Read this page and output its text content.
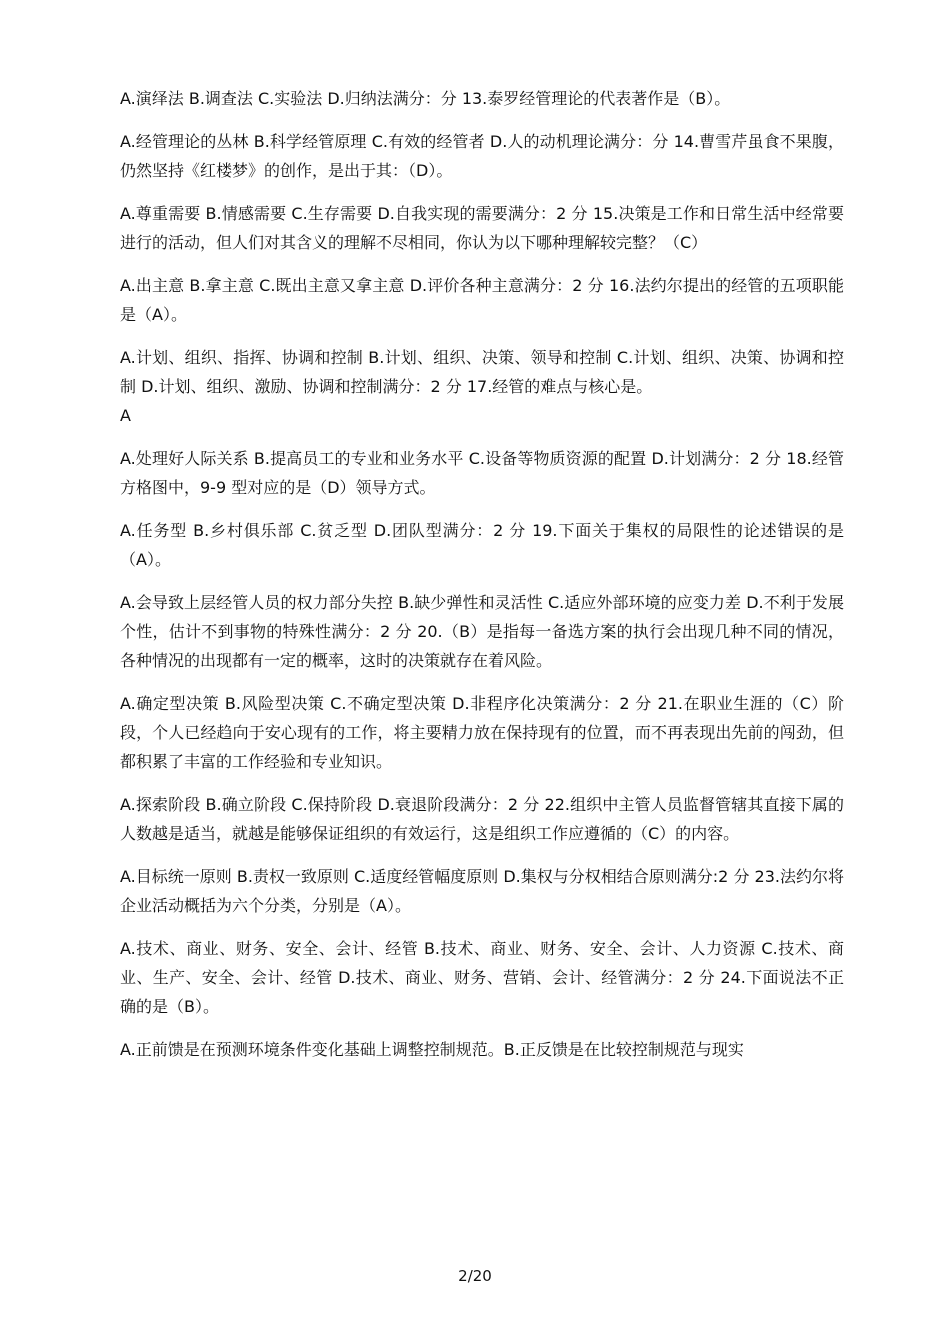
A.演绎法 B.调查法 C.实验法 D.归纳法满分：分 13.泰罗经管理论的代表著作是（B）。

A.经管理论的丛林 B.科学经管原理 C.有效的经管者 D.人的动机理论满分：分 14.曹雪芹虽食不果腹，仍然坚持《红楼梦》的创作，是出于其：（D）。

A.尊重需要 B.情感需要 C.生存需要 D.自我实现的需要满分：2 分 15.决策是工作和日常生活中经常要进行的活动，但人们对其含义的理解不尽相同，你认为以下哪种理解较完整？（C）

A.出主意 B.拿主意 C.既出主意又拿主意 D.评价各种主意满分：2 分 16.法约尔提出的经管的五项职能是（A）。

A.计划、组织、指挥、协调和控制 B.计划、组织、决策、领导和控制 C.计划、组织、决策、协调和控制 D.计划、组织、激励、协调和控制满分：2 分 17.经管的难点与核心是。

A

A.处理好人际关系 B.提高员工的专业和业务水平 C.设备等物质资源的配置 D.计划满分：2 分 18.经管方格图中，9-9 型对应的是（D）领导方式。

A.任务型 B.乡村俱乐部 C.贫乏型 D.团队型满分：2 分 19.下面关于集权的局限性的论述错误的是（A）。

A.会导致上层经管人员的权力部分失控 B.缺少弹性和灵活性 C.适应外部环境的应变力差 D.不利于发展个性，估计不到事物的特殊性满分：2 分 20.（B）是指每一备选方案的执行会出现几种不同的情况，各种情况的出现都有一定的概率，这时的决策就存在着风险。

A.确定型决策 B.风险型决策 C.不确定型决策 D.非程序化决策满分：2 分 21.在职业生涯的（C）阶段，个人已经趋向于安心现有的工作，将主要精力放在保持现有的位置，而不再表现出先前的闯劲，但都积累了丰富的工作经验和专业知识。

A.探索阶段 B.确立阶段 C.保持阶段 D.衰退阶段满分：2 分 22.组织中主管人员监督管辖其直接下属的人数越是适当，就越是能够保证组织的有效运行，这是组织工作应遵循的（C）的内容。

A.目标统一原则 B.责权一致原则 C.适度经管幅度原则 D.集权与分权相结合原则满分:2 分 23.法约尔将企业活动概括为六个分类，分别是（A）。

A.技术、商业、财务、安全、会计、经管 B.技术、商业、财务、安全、会计、人力资源 C.技术、商业、生产、安全、会计、经管 D.技术、商业、财务、营销、会计、经管满分：2 分 24.下面说法不正确的是（B）。

A.正前馈是在预测环境条件变化基础上调整控制规范。B.正反馈是在比较控制规范与现实

2/20
